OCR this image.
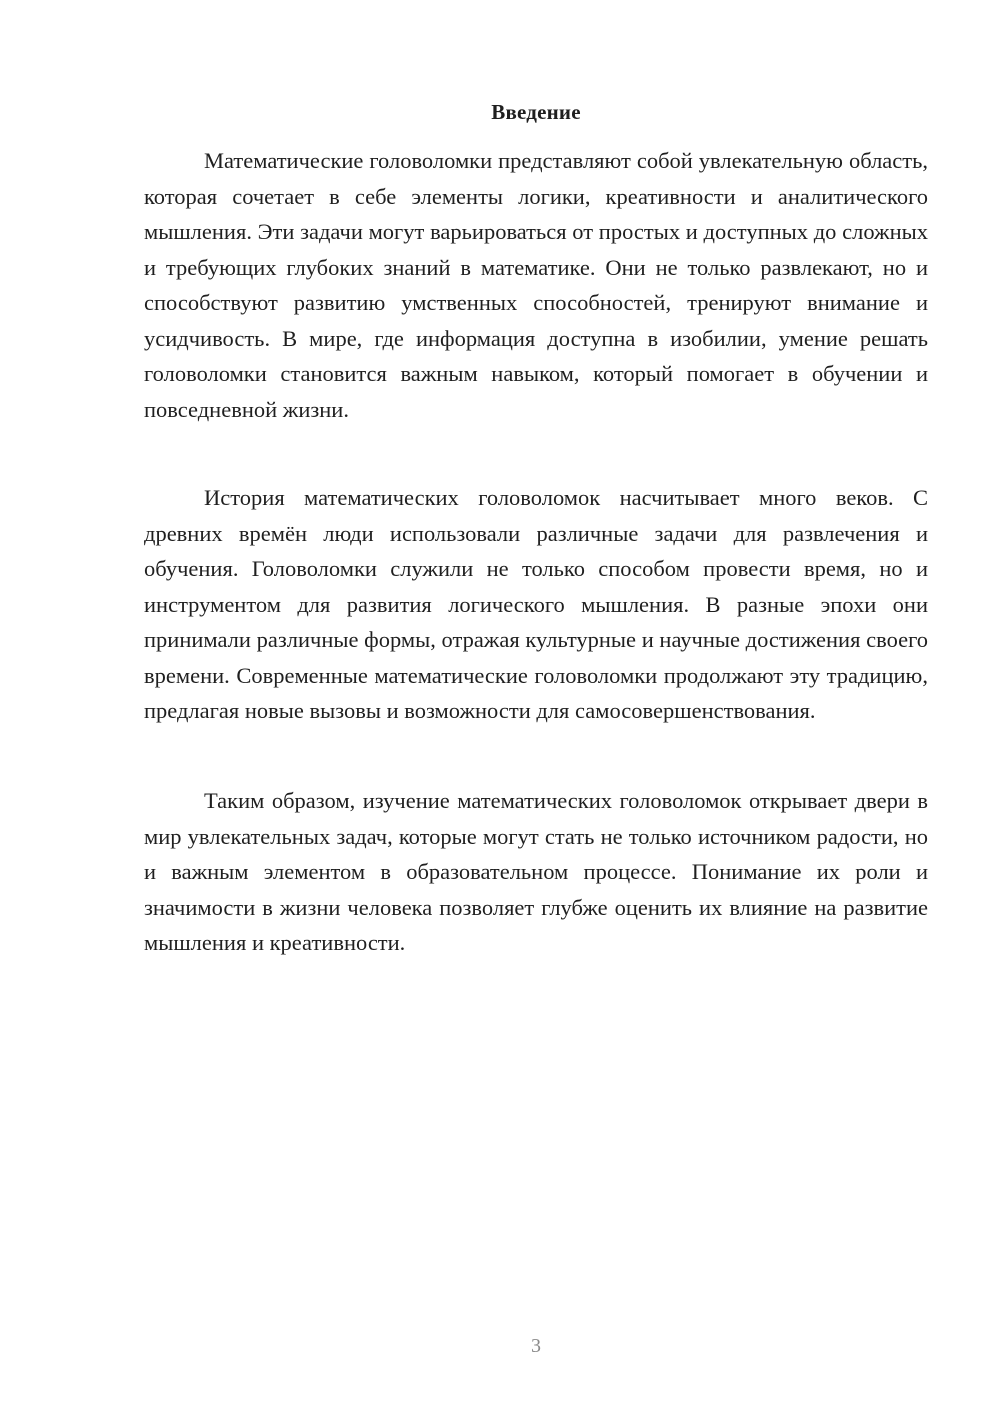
Введение
Математические головоломки представляют собой увлекательную область, которая сочетает в себе элементы логики, креативности и аналитического мышления. Эти задачи могут варьироваться от простых и доступных до сложных и требующих глубоких знаний в математике. Они не только развлекают, но и способствуют развитию умственных способностей, тренируют внимание и усидчивость. В мире, где информация доступна в изобилии, умение решать головоломки становится важным навыком, который помогает в обучении и повседневной жизни.
История математических головоломок насчитывает много веков. С древних времён люди использовали различные задачи для развлечения и обучения. Головоломки служили не только способом провести время, но и инструментом для развития логического мышления. В разные эпохи они принимали различные формы, отражая культурные и научные достижения своего времени. Современные математические головоломки продолжают эту традицию, предлагая новые вызовы и возможности для самосовершенствования.
Таким образом, изучение математических головоломок открывает двери в мир увлекательных задач, которые могут стать не только источником радости, но и важным элементом в образовательном процессе. Понимание их роли и значимости в жизни человека позволяет глубже оценить их влияние на развитие мышления и креативности.
3
